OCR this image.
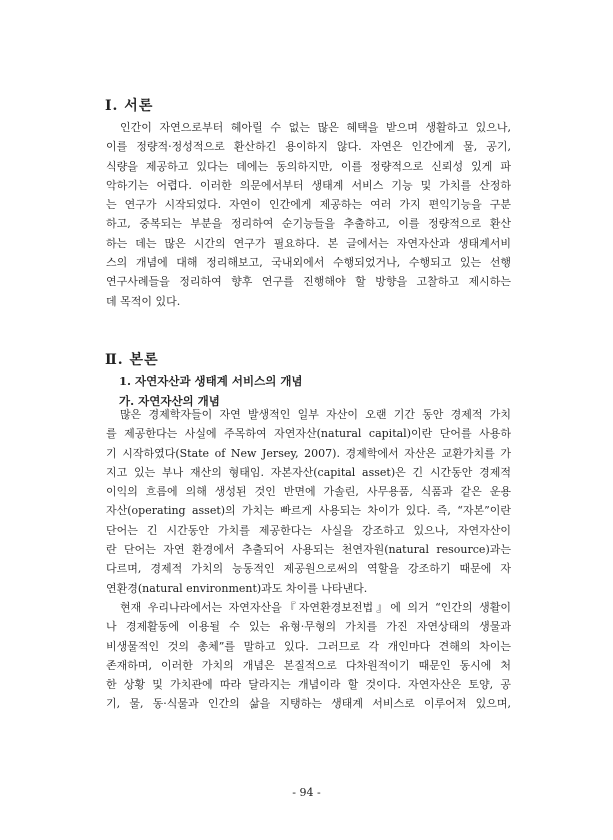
Ⅰ. 서론
인간이 자연으로부터 헤아릴 수 없는 많은 혜택을 받으며 생활하고 있으나,
이를 정량적·정성적으로 환산하긴 용이하지 않다. 자연은 인간에게 물, 공기,
식량을 제공하고 있다는 데에는 동의하지만, 이를 정량적으로 신뢰성 있게 파
악하기는 어렵다. 이러한 의문에서부터 생태계 서비스 기능 및 가치를 산정하
는 연구가 시작되었다. 자연이 인간에게 제공하는 여러 가지 편익기능을 구분
하고, 중복되는 부분을 정리하여 순기능들을 추출하고, 이를 정량적으로 환산
하는 데는 많은 시간의 연구가 필요하다. 본 글에서는 자연자산과 생태계서비
스의 개념에 대해 정리해보고, 국내외에서 수행되었거나, 수행되고 있는 선행
연구사례들을 정리하여 향후 연구를 진행해야 할 방향을 고찰하고 제시하는
데 목적이 있다.
Ⅱ. 본론
1. 자연자산과 생태계 서비스의 개념
가. 자연자산의 개념
많은 경제학자들이 자연 발생적인 일부 자산이 오랜 기간 동안 경제적 가치
를 제공한다는 사실에 주목하여 자연자산(natural capital)이란 단어를 사용하
기 시작하였다(State of New Jersey, 2007). 경제학에서 자산은 교환가치를 가
지고 있는 부나 재산의 형태임. 자본자산(capital asset)은 긴 시간동안 경제적
이익의 흐름에 의해 생성된 것인 반면에 가솔린, 사무용품, 식품과 같은 운용
자산(operating asset)의 가치는 빠르게 사용되는 차이가 있다. 즉, “자본”이란
단어는 긴 시간동안 가치를 제공한다는 사실을 강조하고 있으나, 자연자산이
란 단어는 자연 환경에서 추출되어 사용되는 천연자원(natural resource)과는
다르며, 경제적 가치의 능동적인 제공원으로써의 역할을 강조하기 때문에 자
연환경(natural environment)과도 차이를 나타낸다.
현재 우리나라에서는 자연자산을『자연환경보전법』에 의거 “인간의 생활이
나 경제활동에 이용될 수 있는 유형·무형의 가치를 가진 자연상태의 생물과
비생물적인 것의 총체”를 말하고 있다. 그러므로 각 개인마다 견해의 차이는
존재하며, 이러한 가치의 개념은 본질적으로 다차원적이기 때문인 동시에 처
한 상황 및 가치관에 따라 달라지는 개념이라 할 것이다. 자연자산은 토양, 공
기, 물, 동·식물과 인간의 삶을 지탱하는 생태계 서비스로 이루어져 있으며,
- 94 -
